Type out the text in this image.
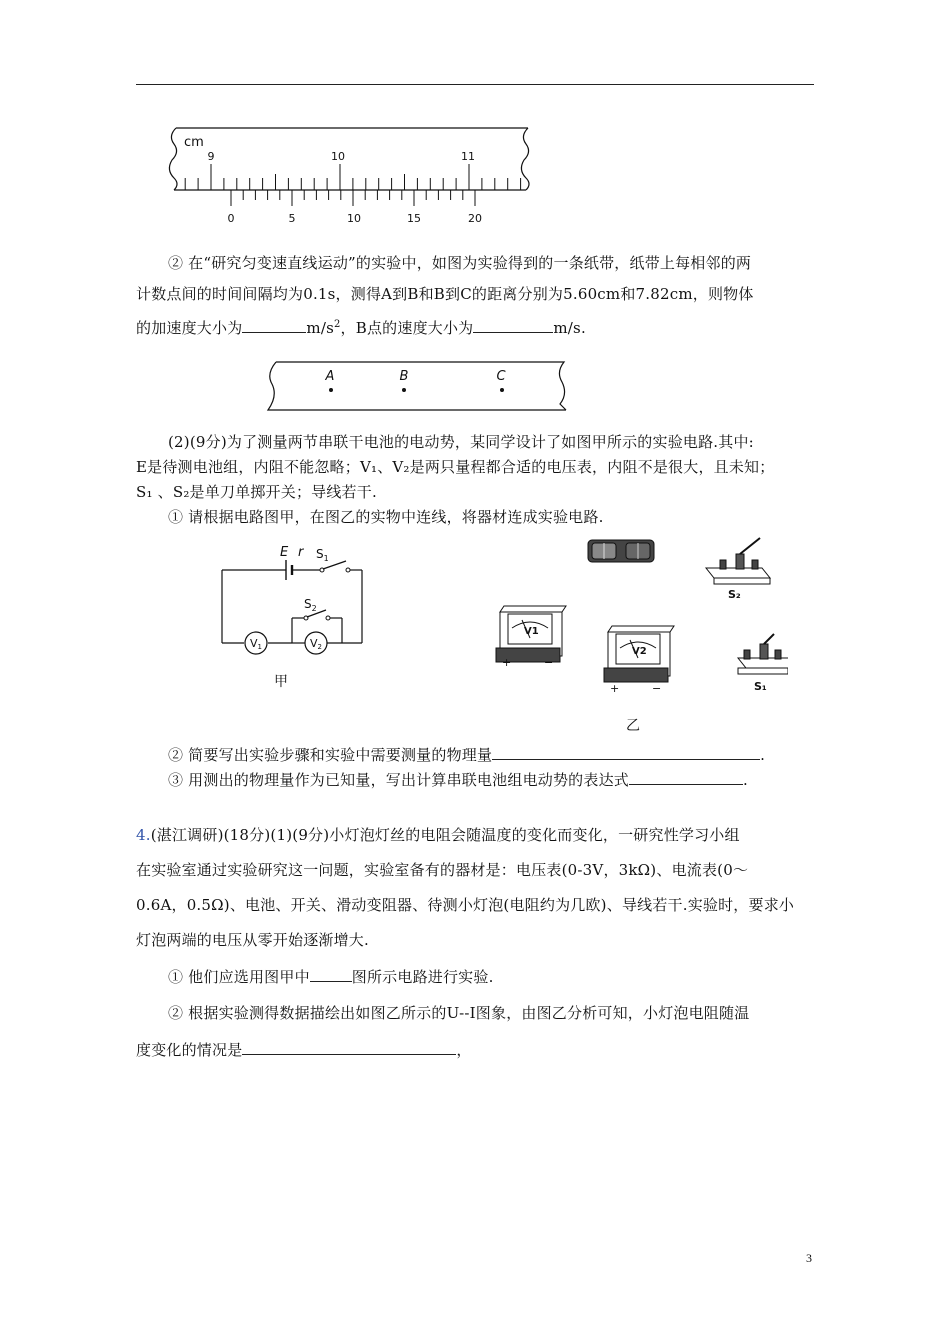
cm
9	10	11
0	5	10	15	20
② 在“研究匀变速直线运动”的实验中，如图为实验得到的一条纸带，纸带上每相邻的两
计数点间的时间间隔均为0.1s，测得A到B和B到C的距离分别为5.60cm和7.82cm，则物体
的加速度大小为	$m/s^2$，B点的速度大小为	m/s.
A	B	C
(2)(9分)为了测量两节串联干电池的电动势，某同学设计了如图甲所示的实验电路.其中:
E是待测电池组，内阻不能忽略；V₁、V₂是两只量程都合适的电压表，内阻不是很大，且未知；
S₁ 、S₂是单刀单掷开关；导线若干.
① 请根据电路图甲，在图乙的实物中连线，将器材连成实验电路.
E r $S_1$
$S_2$
V1	V2
甲
S₂
V1
+	−
V2
+	−	S₁
乙
② 简要写出实验步骤和实验中需要测量的物理量	.
③ 用测出的物理量作为已知量，写出计算串联电池组电动势的表达式	.
4.(湛江调研)(18分)(1)(9分)小灯泡灯丝的电阻会随温度的变化而变化，一研究性学习小组
在实验室通过实验研究这一问题，实验室备有的器材是：电压表(0-3V，3kΩ)、电流表(0～
0.6A，0.5Ω)、电池、开关、滑动变阻器、待测小灯泡(电阻约为几欧)、导线若干.实验时，要求小
灯泡两端的电压从零开始逐渐增大.
① 他们应选用图甲中	图所示电路进行实验.
② 根据实验测得数据描绘出如图乙所示的U--I图象，由图乙分析可知，小灯泡电阻随温
度变化的情况是	，
3
